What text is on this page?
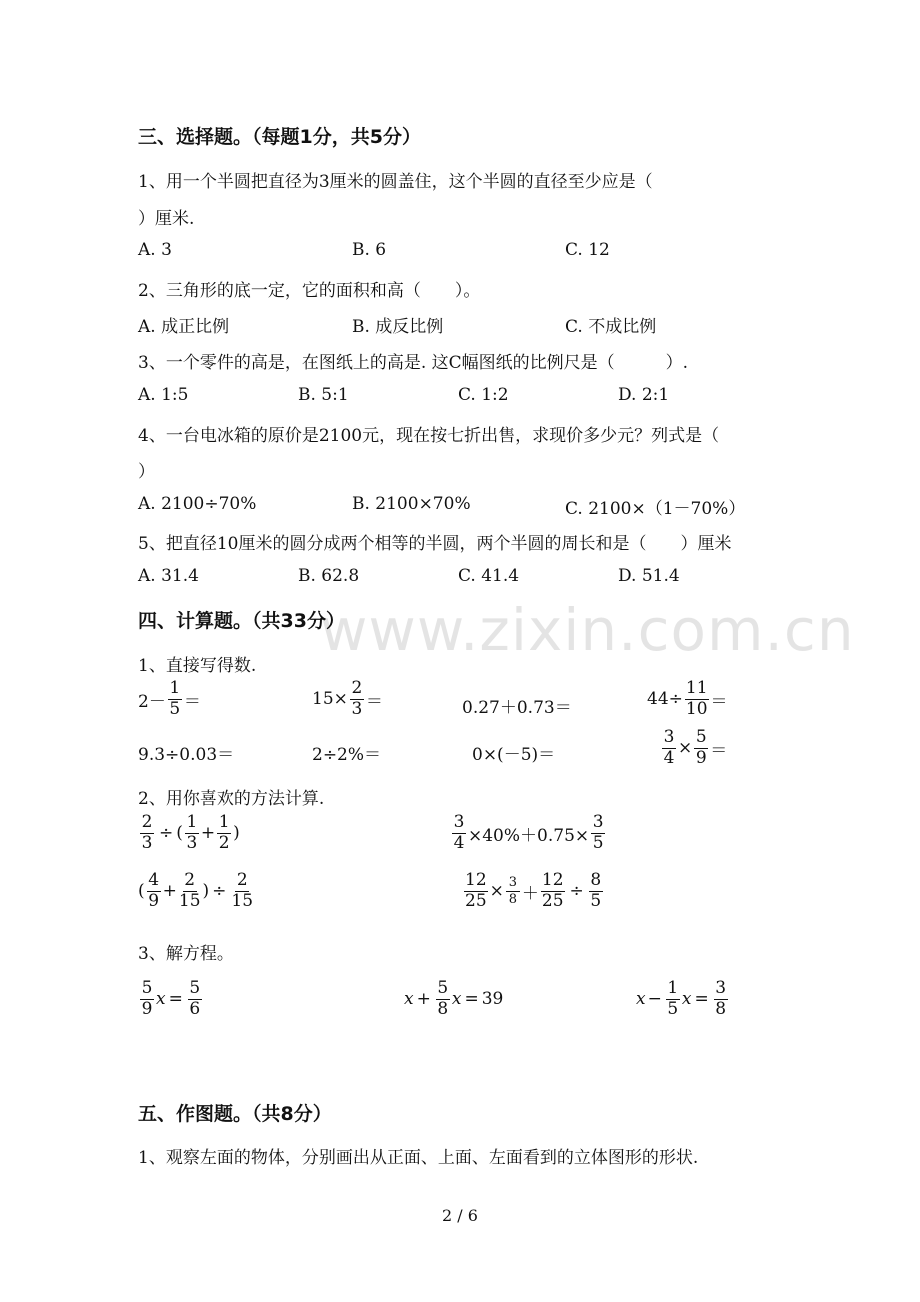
三、选择题。（每题1分，共5分）
1、用一个半圆把直径为3厘米的圆盖住，这个半圆的直径至少应是（
）厘米.
A. 3	B. 6	C. 12
2、三角形的底一定，它的面积和高（　　）。
A. 成正比例	B. 成反比例	C. 不成比例
3、一个零件的高是，在图纸上的高是. 这C幅图纸的比例尺是（　　　）.
A. 1:5	B. 5:1	C. 1:2	D. 2:1
4、一台电冰箱的原价是2100元，现在按七折出售，求现价多少元？列式是（
）
A. 2100÷70%	B. 2100×70%	C. 2100×（1－70%）
5、把直径10厘米的圆分成两个相等的半圆，两个半圆的周长和是（　　）厘米
A. 31.4	B. 62.8	C. 41.4	D. 51.4
www.zixin.com.cn
四、计算题。（共33分）
1、直接写得数.
$2- \frac{1}{5}$ ＝	$15\times \frac{2}{3}$ ＝	0.27＋0.73＝	$44\div \frac{11}{10}$ ＝
9.3÷0.03＝	2÷2%＝	0×(－5)＝	$\frac{3}{4} \times \frac{5}{9}$ ＝
2、用你喜欢的方法计算.
$\frac{2}{3}$ ÷ ( $\frac{1}{3} + \frac{1}{2}$ )	$\frac{3}{4} \times 40\%+0.75\times \frac{3}{5}$
( $\frac{4}{9} + \frac{2}{15}$ ) ÷ $\frac{2}{15}$	$\frac{12}{25} \times \frac{3}{8} + \frac{12}{25} \div \frac{8}{5}$
3、解方程。
$\frac{5}{9}$ $x = \frac{5}{6}$	$x + \frac{5}{8}$ x = 39	$x - \frac{1}{5}$ $x = \frac{3}{8}$
五、作图题。（共8分）
1、观察左面的物体，分别画出从正面、上面、左面看到的立体图形的形状.
2 / 6
